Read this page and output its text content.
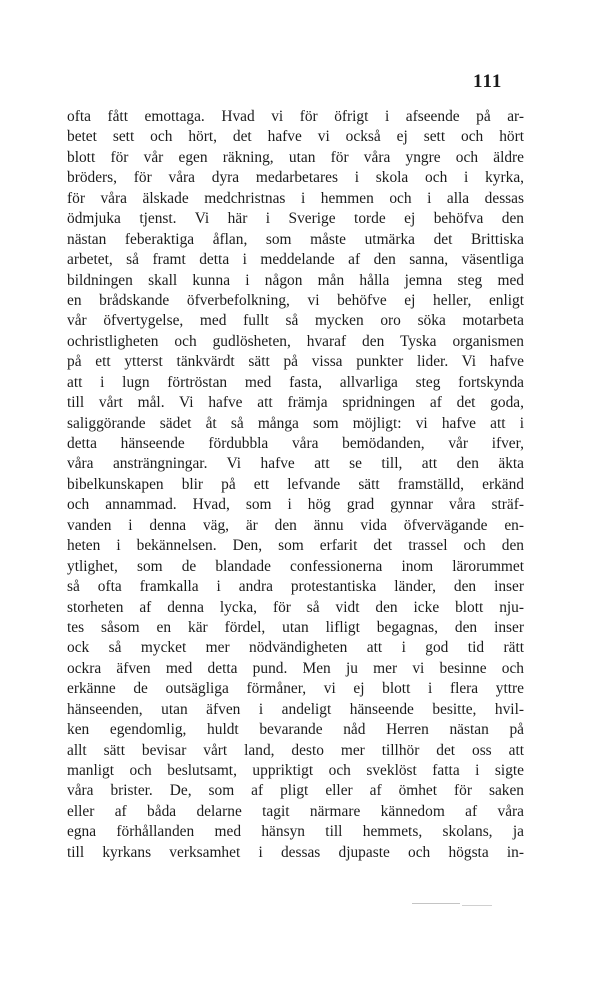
111
ofta fått emottaga. Hvad vi för öfrigt i afseende på ar-
betet sett och hört, det hafve vi också ej sett och hört
blott för vår egen räkning, utan för våra yngre och äldre
bröders, för våra dyra medarbetares i skola och i kyrka,
för våra älskade medchristnas i hemmen och i alla dessas
ödmjuka tjenst. Vi här i Sverige torde ej behöfva den
nästan feberaktiga åflan, som måste utmärka det Brittiska
arbetet, så framt detta i meddelande af den sanna, väsentliga
bildningen skall kunna i någon mån hålla jemna steg med
en brådskande öfverbefolkning, vi behöfve ej heller, enligt
vår öfvertygelse, med fullt så mycken oro söka motarbeta
ochristligheten och gudlösheten, hvaraf den Tyska organismen
på ett ytterst tänkvärdt sätt på vissa punkter lider. Vi hafve
att i lugn förtröstan med fasta, allvarliga steg fortskynda
till vårt mål. Vi hafve att främja spridningen af det goda,
saliggörande sädet åt så många som möjligt: vi hafve att i
detta hänseende fördubbla våra bemödanden, vår ifver,
våra ansträngningar. Vi hafve att se till, att den äkta
bibelkunskapen blir på ett lefvande sätt framställd, erkänd
och annammad. Hvad, som i hög grad gynnar våra sträf-
vanden i denna väg, är den ännu vida öfvervägande en-
heten i bekännelsen. Den, som erfarit det trassel och den
ytlighet, som de blandade confessionerna inom lärorummet
så ofta framkalla i andra protestantiska länder, den inser
storheten af denna lycka, för så vidt den icke blott nju-
tes såsom en kär fördel, utan lifligt begagnas, den inser
ock så mycket mer nödvändigheten att i god tid rätt
ockra äfven med detta pund. Men ju mer vi besinne och
erkänne de outsägliga förmåner, vi ej blott i flera yttre
hänseenden, utan äfven i andeligt hänseende besitte, hvil-
ken egendomlig, huldt bevarande nåd Herren nästan på
allt sätt bevisar vårt land, desto mer tillhör det oss att
manligt och beslutsamt, uppriktigt och sveklöst fatta i sigte
våra brister. De, som af pligt eller af ömhet för saken
eller af båda delarne tagit närmare kännedom af våra
egna förhållanden med hänsyn till hemmets, skolans, ja
till kyrkans verksamhet i dessas djupaste och högsta in-
